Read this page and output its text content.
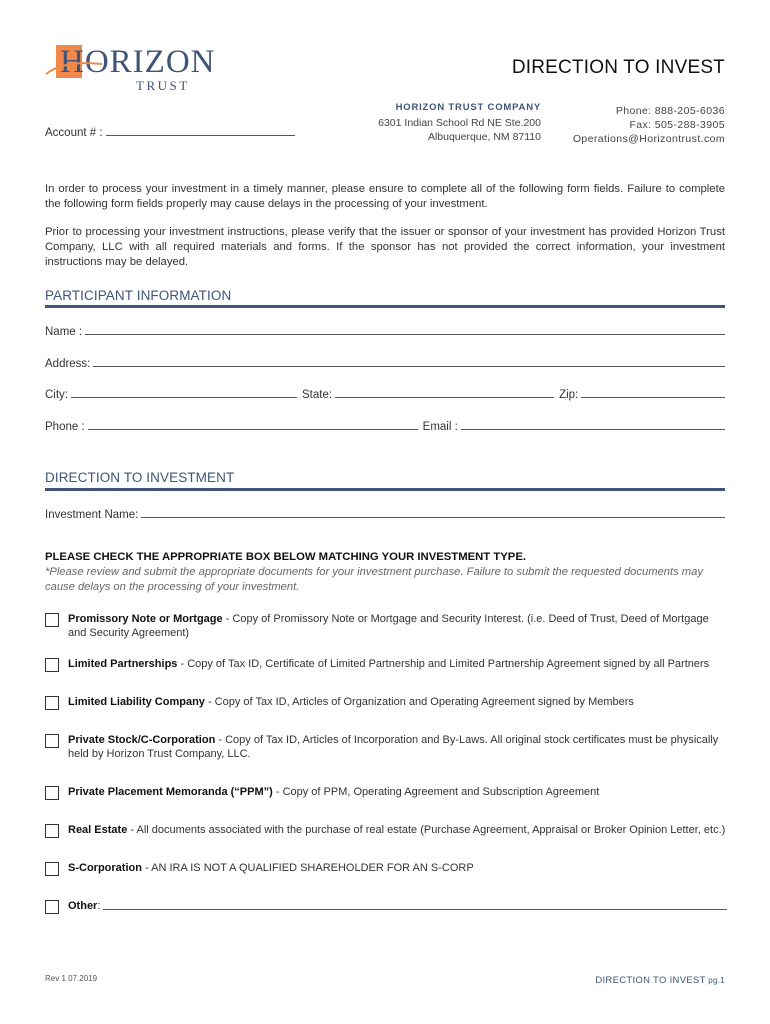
HORIZON
TRUST
DIRECTION TO INVEST
HORIZON TRUST COMPANY
6301 Indian School Rd NE Ste.200
Albuquerque, NM 87110
Phone: 888-205-6036
Fax: 505-288-3905
Operations@Horizontrust.com
Account # :
In order to process your investment in a timely manner, please ensure to complete all of the following form fields. Failure to complete the following form fields properly may cause delays in the processing of your investment.
Prior to processing your investment instructions, please verify that the issuer or sponsor of your investment has provided Horizon Trust Company, LLC with all required materials and forms. If the sponsor has not provided the correct information, your investment instructions may be delayed.
PARTICIPANT INFORMATION
Name :
Address:
City:	State:	Zip:
Phone :	Email :
DIRECTION TO INVESTMENT
Investment Name:
PLEASE CHECK THE APPROPRIATE BOX BELOW MATCHING YOUR INVESTMENT TYPE.
*Please review and submit the appropriate documents for your investment purchase. Failure to submit the requested documents may cause delays on the processing of your investment.
Promissory Note or Mortgage - Copy of Promissory Note or Mortgage and Security Interest. (i.e. Deed of Trust, Deed of Mortgage and Security Agreement)
Limited Partnerships - Copy of Tax ID, Certificate of Limited Partnership and Limited Partnership Agreement signed by all Partners
Limited Liability Company - Copy of Tax ID, Articles of Organization and Operating Agreement signed by Members
Private Stock/C-Corporation - Copy of Tax ID, Articles of Incorporation and By-Laws. All original stock certificates must be physically held by Horizon Trust Company, LLC.
Private Placement Memoranda (“PPM”) - Copy of PPM, Operating Agreement and Subscription Agreement
Real Estate - All documents associated with the purchase of real estate (Purchase Agreement, Appraisal or Broker Opinion Letter, etc.)
S-Corporation - AN IRA IS NOT A QUALIFIED SHAREHOLDER FOR AN S-CORP
Other :
Rev 1 07.2019	DIRECTION TO INVEST pg.1
